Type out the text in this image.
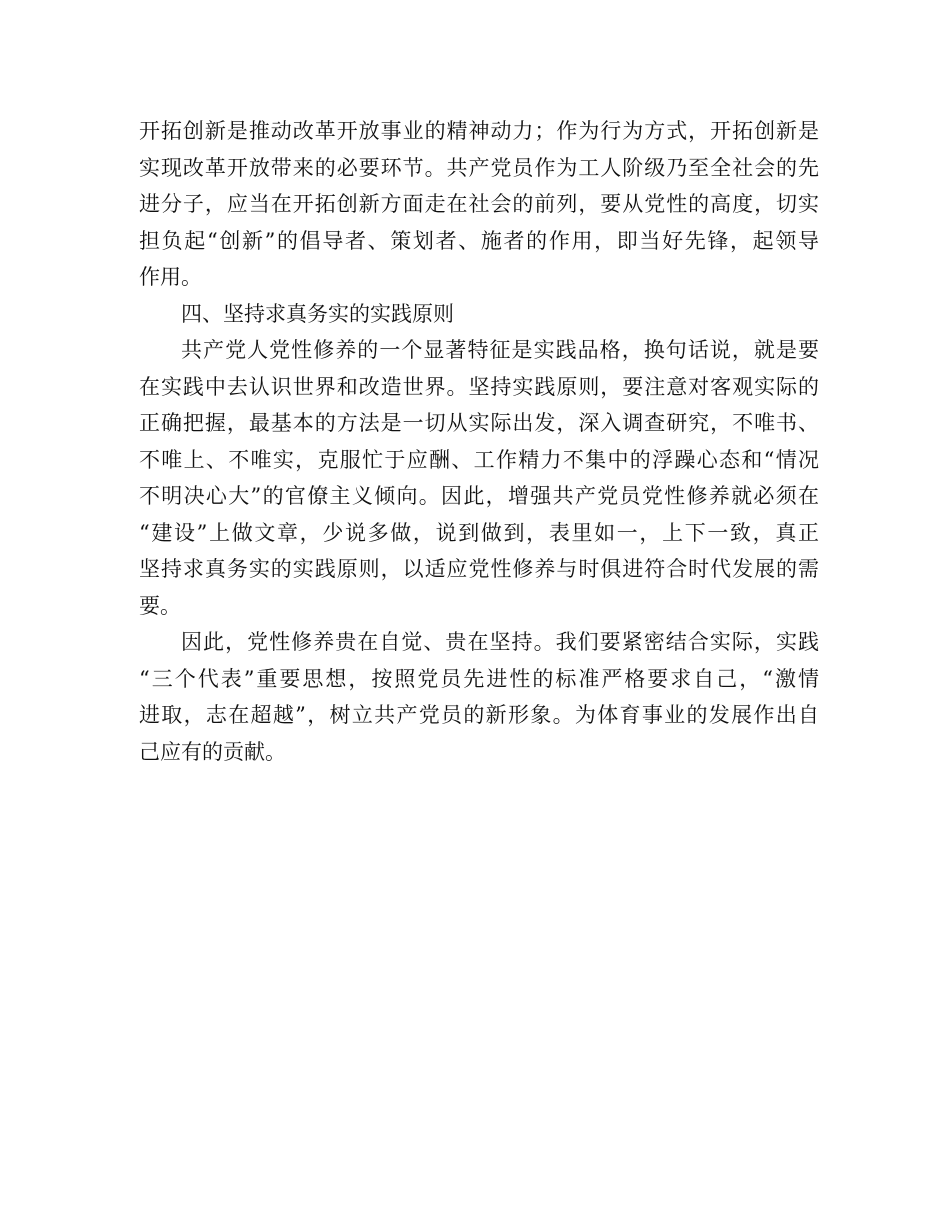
开拓创新是推动改革开放事业的精神动力；作为行为方式，开拓创新是
实现改革开放带来的必要环节。共产党员作为工人阶级乃至全社会的先
进分子，应当在开拓创新方面走在社会的前列，要从党性的高度，切实
担负起“创新”的倡导者、策划者、施者的作用，即当好先锋，起领导
作用。
四、坚持求真务实的实践原则
共产党人党性修养的一个显著特征是实践品格，换句话说，就是要
在实践中去认识世界和改造世界。坚持实践原则，要注意对客观实际的
正确把握，最基本的方法是一切从实际出发，深入调查研究，不唯书、
不唯上、不唯实，克服忙于应酬、工作精力不集中的浮躁心态和“情况
不明决心大”的官僚主义倾向。因此，增强共产党员党性修养就必须在
“建设”上做文章，少说多做，说到做到，表里如一，上下一致，真正
坚持求真务实的实践原则，以适应党性修养与时俱进符合时代发展的需
要。
因此，党性修养贵在自觉、贵在坚持。我们要紧密结合实际，实践
“三个代表”重要思想，按照党员先进性的标准严格要求自己，“激情
进取，志在超越”，树立共产党员的新形象。为体育事业的发展作出自
己应有的贡献。
